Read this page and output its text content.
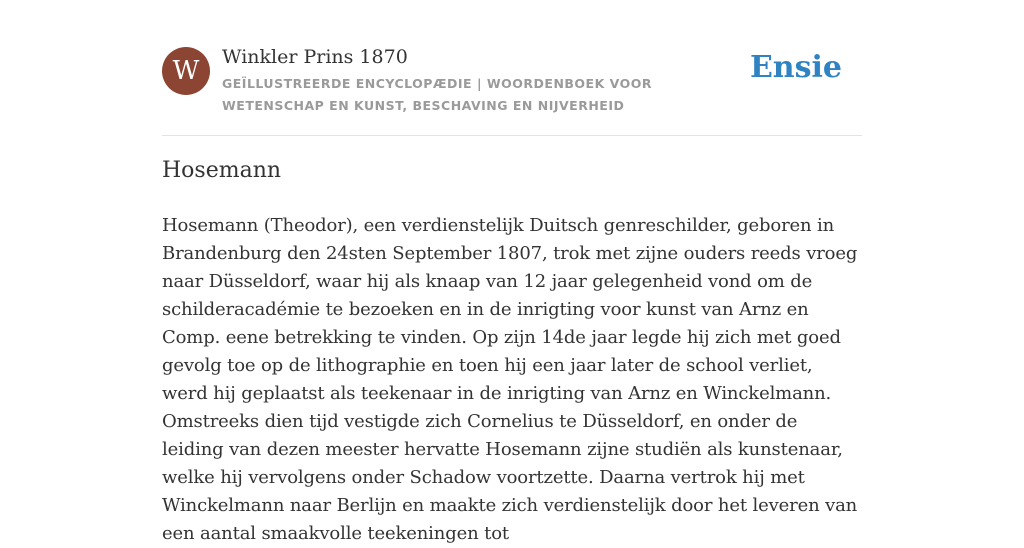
W	Winkler Prins 1870
GEÏLLUSTREERDE ENCYCLOPÆDIE | WOORDENBOEK VOOR WETENSCHAP EN KUNST, BESCHAVING EN NIJVERHEID
Ensie
Hosemann

Hosemann (Theodor), een verdienstelijk Duitsch genreschilder, geboren in Brandenburg den 24sten September 1807, trok met zijne ouders reeds vroeg naar Düsseldorf, waar hij als knaap van 12 jaar gelegenheid vond om de schilderacadémie te bezoeken en in de inrigting voor kunst van Arnz en Comp. eene betrekking te vinden. Op zijn 14de jaar legde hij zich met goed gevolg toe op de lithographie en toen hij een jaar later de school verliet, werd hij geplaatst als teekenaar in de inrigting van Arnz en Winckelmann. Omstreeks dien tijd vestigde zich Cornelius te Düsseldorf, en onder de leiding van dezen meester hervatte Hosemann zijne studiën als kunstenaar, welke hij vervolgens onder Schadow voortzette. Daarna vertrok hij met Winckelmann naar Berlijn en maakte zich verdienstelijk door het leveren van een aantal smaakvolle teekeningen tot
